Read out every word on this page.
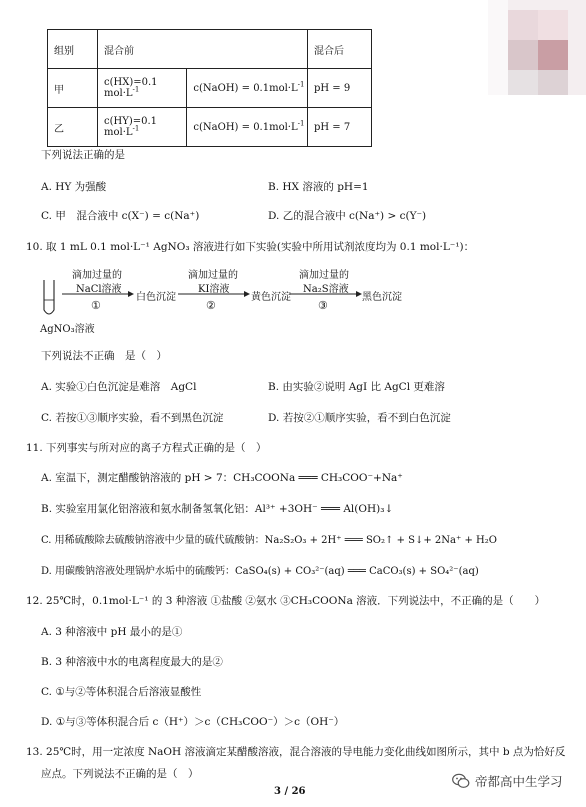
组别	混合前		混合后
甲	c(HX)=0.1 $mol\cdot L^{-1}$	c(NaOH) = $0.1mol\cdot L^{-1}$	pH = 9
乙	c(HY)=0.1 $mol\cdot L^{-1}$	c(NaOH) = $0.1mol\cdot L^{-1}$	pH = 7
下列说法正确的是
A. HY 为强酸	B. HX 溶液的 pH=1
C. 甲　混合液中 c(X⁻) = c(Na⁺)	D. 乙的混合液中 c(Na⁺) > c(Y⁻)
10. 取 1 mL 0.1 mol·L⁻¹ AgNO₃ 溶液进行如下实验(实验中所用试剂浓度均为 0.1 mol·L⁻¹)：
AgNO₃溶液
滴加过量的
NaCl溶液
①
白色沉淀
滴加过量的
KI溶液
②
黄色沉淀
滴加过量的
Na₂S溶液
③
黑色沉淀
下列说法不正确　是（　）
A. 实验①白色沉淀是难溶　AgCl	B. 由实验②说明 AgI 比 AgCl 更难溶
C. 若按①③顺序实验，看不到黑色沉淀	D. 若按②①顺序实验，看不到白色沉淀
11. 下列事实与所对应的离子方程式正确的是（　）
A. 室温下，测定醋酸钠溶液的 pH > 7：CH₃COONa ═══ CH₃COO⁻+Na⁺
B. 实验室用氯化铝溶液和氨水制备氢氧化铝：Al³⁺ +3OH⁻ ═══ Al(OH)₃↓
C. 用稀硫酸除去硫酸钠溶液中少量的硫代硫酸钠：Na₂S₂O₃ + 2H⁺ ═══ SO₂↑ + S↓+ 2Na⁺ + H₂O
D. 用碳酸钠溶液处理锅炉水垢中的硫酸钙：CaSO₄(s) + CO₃²⁻(aq) ═══ CaCO₃(s) + SO₄²⁻(aq)
12. 25℃时，0.1mol·L⁻¹ 的 3 种溶液 ①盐酸 ②氨水 ③CH₃COONa 溶液．下列说法中，不正确的是（　　）
A. 3 种溶液中 pH 最小的是①
B. 3 种溶液中水的电离程度最大的是②
C. ①与②等体积混合后溶液显酸性
D. ①与③等体积混合后 c（H⁺）＞c（CH₃COO⁻）＞c（OH⁻）
13. 25℃时，用一定浓度 NaOH 溶液滴定某醋酸溶液，混合溶液的导电能力变化曲线如图所示，其中 b 点为恰好反
应点。下列说法不正确的是（　）
3 / 26
帝都高中生学习
